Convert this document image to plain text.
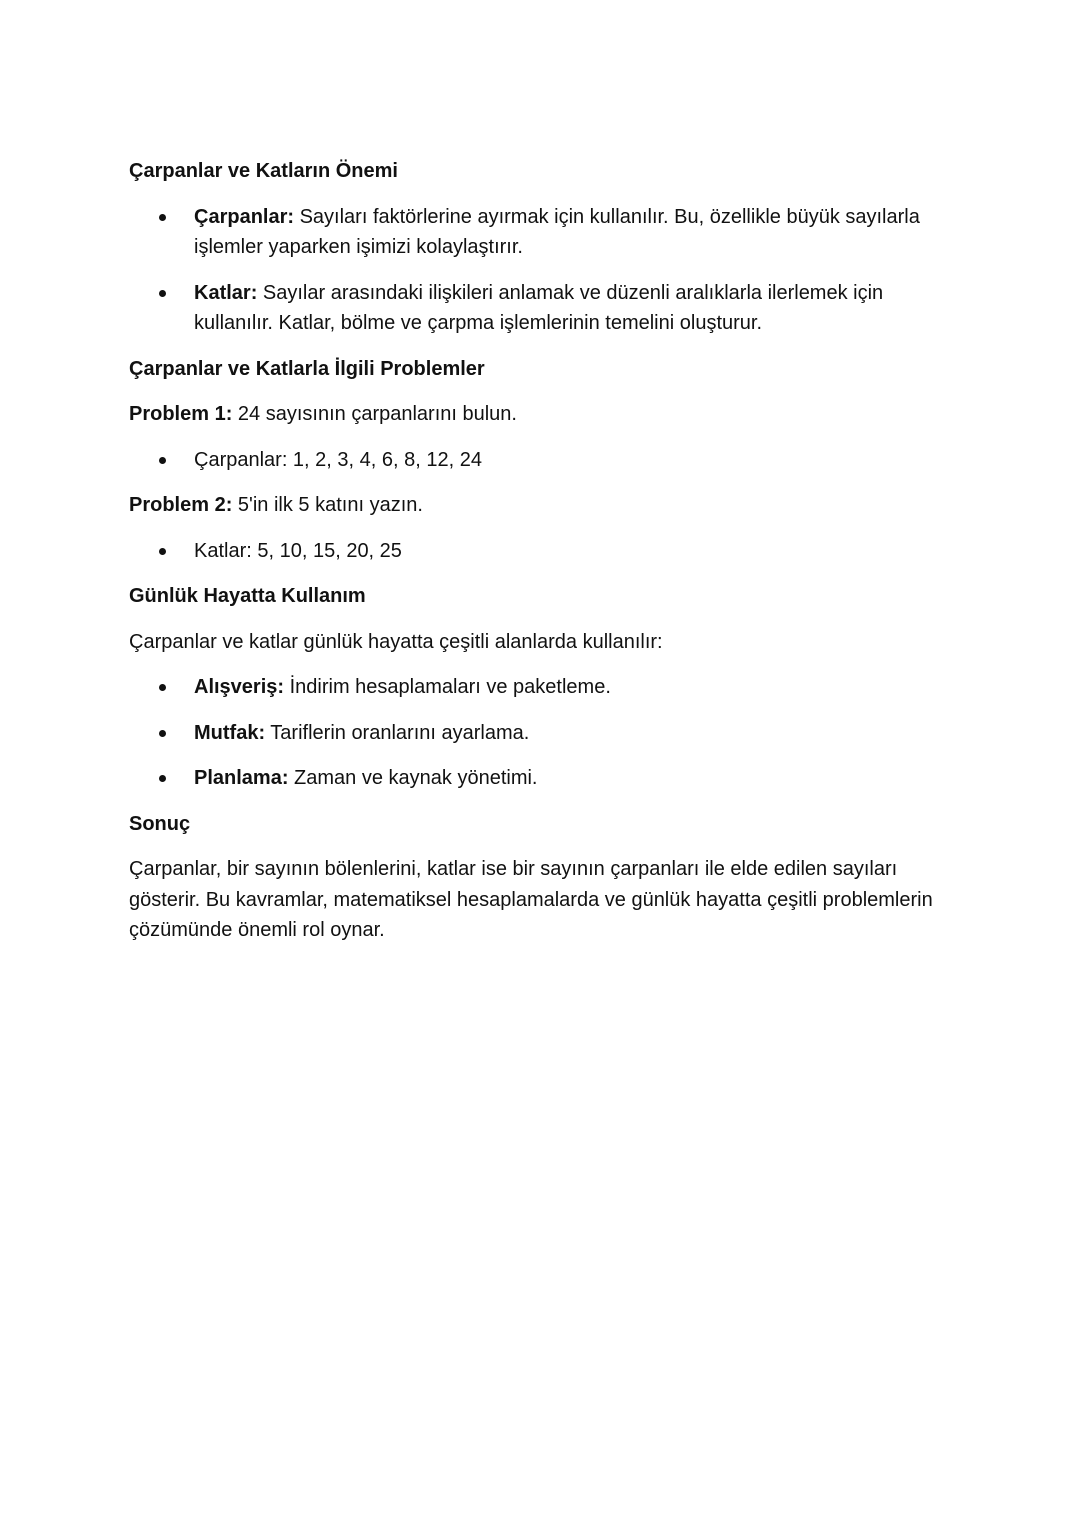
Çarpanlar ve Katların Önemi
Çarpanlar: Sayıları faktörlerine ayırmak için kullanılır. Bu, özellikle büyük sayılarla işlemler yaparken işimizi kolaylaştırır.
Katlar: Sayılar arasındaki ilişkileri anlamak ve düzenli aralıklarla ilerlemek için kullanılır. Katlar, bölme ve çarpma işlemlerinin temelini oluşturur.
Çarpanlar ve Katlarla İlgili Problemler
Problem 1: 24 sayısının çarpanlarını bulun.
Çarpanlar: 1, 2, 3, 4, 6, 8, 12, 24
Problem 2: 5'in ilk 5 katını yazın.
Katlar: 5, 10, 15, 20, 25
Günlük Hayatta Kullanım
Çarpanlar ve katlar günlük hayatta çeşitli alanlarda kullanılır:
Alışveriş: İndirim hesaplamaları ve paketleme.
Mutfak: Tariflerin oranlarını ayarlama.
Planlama: Zaman ve kaynak yönetimi.
Sonuç
Çarpanlar, bir sayının bölenlerini, katlar ise bir sayının çarpanları ile elde edilen sayıları gösterir. Bu kavramlar, matematiksel hesaplamalarda ve günlük hayatta çeşitli problemlerin çözümünde önemli rol oynar.
